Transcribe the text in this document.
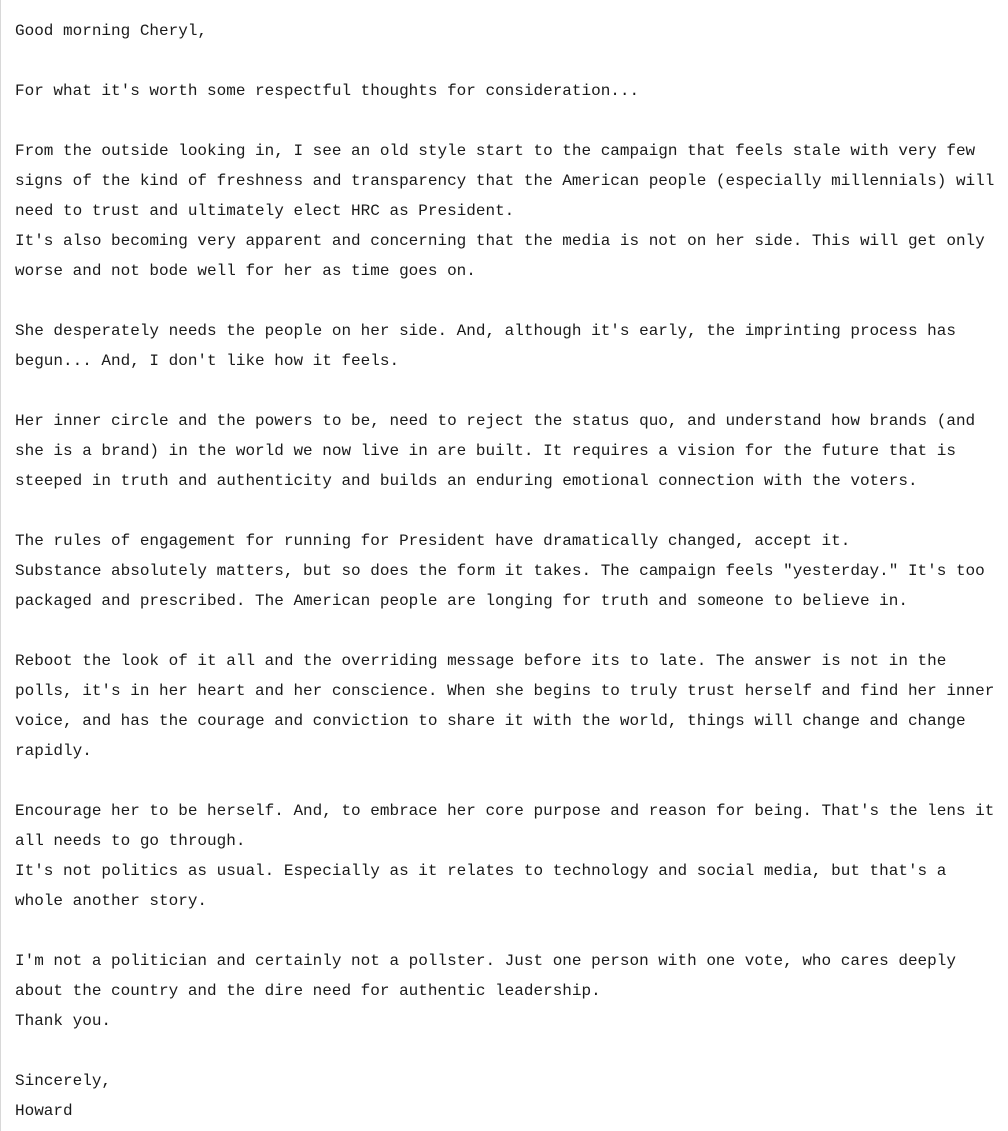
Good morning Cheryl,
For what it's worth some respectful thoughts for consideration...
From the outside looking in, I see an old style start to the campaign that feels stale with very few
signs of the kind of freshness and transparency that the American people (especially millennials) will
need to trust and ultimately elect HRC as President.
It's also becoming very apparent and concerning that the media is not on her side. This will get only
worse and not bode well for her as time goes on.
She desperately needs the people on her side. And, although it's early, the imprinting process has
begun... And, I don't like how it feels.
Her inner circle and the powers to be, need to reject the status quo, and understand how brands (and
she is a brand) in the world we now live in are built. It requires a vision for the future that is
steeped in truth and authenticity and builds an enduring emotional connection with the voters.
The rules of engagement for running for President have dramatically changed, accept it.
Substance absolutely matters, but so does the form it takes. The campaign feels "yesterday." It's too
packaged and prescribed. The American people are longing for truth and someone to believe in.
Reboot the look of it all and the overriding message before its to late. The answer is not in the
polls, it's in her heart and her conscience. When she begins to truly trust herself and find her inner
voice, and has the courage and conviction to share it with the world, things will change and change
rapidly.
Encourage her to be herself. And, to embrace her core purpose and reason for being. That's the lens it
all needs to go through.
It's not politics as usual. Especially as it relates to technology and social media, but that's a
whole another story.
I'm not a politician and certainly not a pollster. Just one person with one vote, who cares deeply
about the country and the dire need for authentic leadership.
Thank you.
Sincerely,
Howard
